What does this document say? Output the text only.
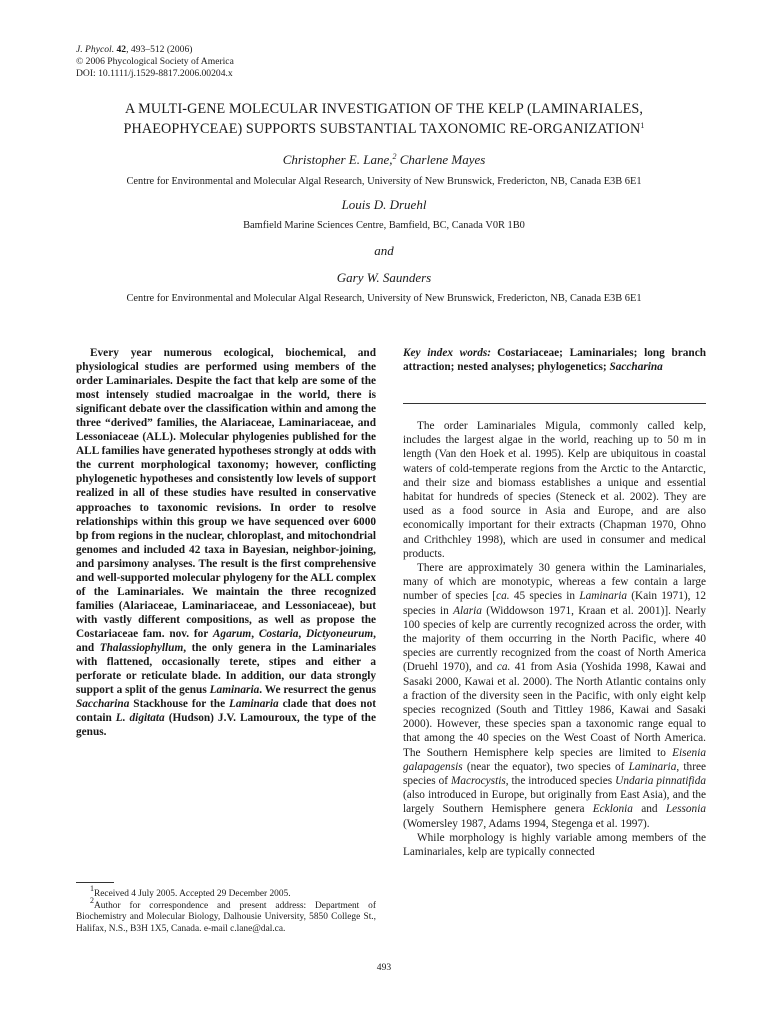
J. Phycol. 42, 493–512 (2006)
© 2006 Phycological Society of America
DOI: 10.1111/j.1529-8817.2006.00204.x
A MULTI-GENE MOLECULAR INVESTIGATION OF THE KELP (LAMINARIALES,
PHAEOPHYCEAE) SUPPORTS SUBSTANTIAL TAXONOMIC RE-ORGANIZATION$^1$
Christopher E. Lane,$^2$ Charlene Mayes
Centre for Environmental and Molecular Algal Research, University of New Brunswick, Fredericton, NB, Canada E3B 6E1
Louis D. Druehl
Bamfield Marine Sciences Centre, Bamfield, BC, Canada V0R 1B0
and
Gary W. Saunders
Centre for Environmental and Molecular Algal Research, University of New Brunswick, Fredericton, NB, Canada E3B 6E1

Every year numerous ecological, biochemical, and physiological studies are performed using members of the order Laminariales. Despite the fact that kelp are some of the most intensely studied macroalgae in the world, there is significant debate over the classification within and among the three “derived” families, the Alariaceae, Laminariaceae, and Lessoniaceae (ALL). Molecular phylogenies published for the ALL families have generated hypotheses strongly at odds with the current morphological taxonomy; however, conflicting phylogenetic hypotheses and consistently low levels of support realized in all of these studies have resulted in conservative approaches to taxonomic revisions. In order to resolve relationships within this group we have sequenced over 6000 bp from regions in the nuclear, chloroplast, and mitochondrial genomes and included 42 taxa in Bayesian, neighbor-joining, and parsimony analyses. The result is the first comprehensive and well-supported molecular phylogeny for the ALL complex of the Laminariales. We maintain the three recognized families (Alariaceae, Laminariaceae, and Lessoniaceae), but with vastly different compositions, as well as propose the Costariaceae fam. nov. for Agarum, Costaria, Dictyoneurum, and Thalassiophyllum, the only genera in the Laminariales with flattened, occasionally terete, stipes and either a perforate or reticulate blade. In addition, our data strongly support a split of the genus Laminaria. We resurrect the genus Saccharina Stackhouse for the Laminaria clade that does not contain L. digitata (Hudson) J.V. Lamouroux, the type of the genus.

Key index words: Costariaceae; Laminariales; long branch attraction; nested analyses; phylogenetics; Saccharina

The order Laminariales Migula, commonly called kelp, includes the largest algae in the world, reaching up to 50 m in length (Van den Hoek et al. 1995). Kelp are ubiquitous in coastal waters of cold-temperate regions from the Arctic to the Antarctic, and their size and biomass establishes a unique and essential habitat for hundreds of species (Steneck et al. 2002). They are used as a food source in Asia and Europe, and are also economically important for their extracts (Chapman 1970, Ohno and Crithchley 1998), which are used in consumer and medical products.

There are approximately 30 genera within the Laminariales, many of which are monotypic, whereas a few contain a large number of species [ca. 45 species in Laminaria (Kain 1971), 12 species in Alaria (Widdowson 1971, Kraan et al. 2001)]. Nearly 100 species of kelp are currently recognized across the order, with the majority of them occurring in the North Pacific, where 40 species are currently recognized from the coast of North America (Druehl 1970), and ca. 41 from Asia (Yoshida 1998, Kawai and Sasaki 2000, Kawai et al. 2000). The North Atlantic contains only a fraction of the diversity seen in the Pacific, with only eight kelp species recognized (South and Tittley 1986, Kawai and Sasaki 2000). However, these species span a taxonomic range equal to that among the 40 species on the West Coast of North America. The Southern Hemisphere kelp species are limited to Eisenia galapagensis (near the equator), two species of Laminaria, three species of Macrocystis, the introduced species Undaria pinnatifida (also introduced in Europe, but originally from East Asia), and the largely Southern Hemisphere genera Ecklonia and Lessonia (Womersley 1987, Adams 1994, Stegenga et al. 1997).

While morphology is highly variable among members of the Laminariales, kelp are typically connected

1Received 4 July 2005. Accepted 29 December 2005.

2Author for correspondence and present address: Department of Biochemistry and Molecular Biology, Dalhousie University, 5850 College St., Halifax, N.S., B3H 1X5, Canada. e-mail c.lane@dal.ca.

493
